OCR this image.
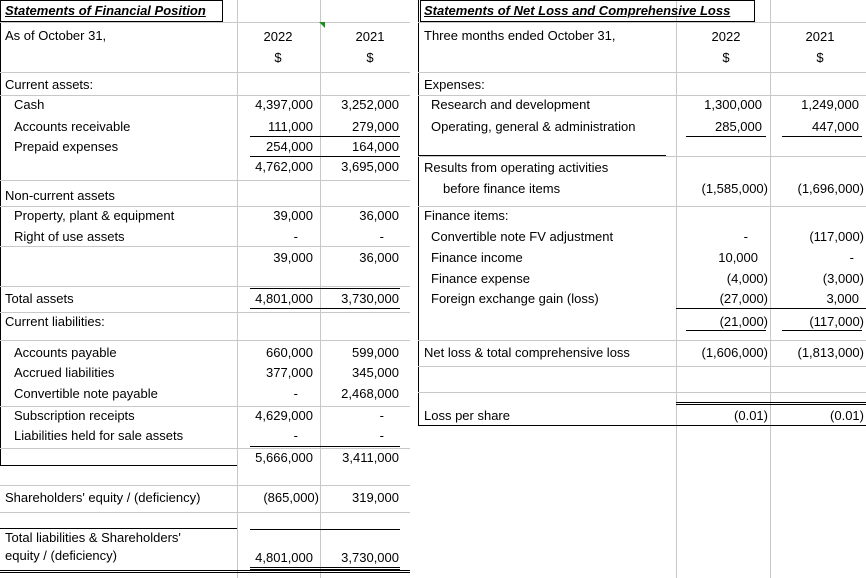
Statements of Financial Position
As of October 31,	2022	2021
$	$
Current assets:
Cash	4,397,000	3,252,000
Accounts receivable	111,000	279,000
Prepaid expenses	254,000	164,000
4,762,000	3,695,000
Non-current assets
Property, plant & equipment	39,000	36,000
Right of use assets	-	-
39,000	36,000
Total assets	4,801,000	3,730,000
Current liabilities:
Accounts payable	660,000	599,000
Accrued liabilities	377,000	345,000
Convertible note payable	-	2,468,000
Subscription receipts	4,629,000	-
Liabilities held for sale assets	-	-
5,666,000	3,411,000
Shareholders' equity / (deficiency)	(865,000)	319,000
Total liabilities & Shareholders'
equity / (deficiency)	4,801,000	3,730,000
Statements of Net Loss and Comprehensive Loss
Three months ended October 31,	2022	2021
$	$
Expenses:
Research and development	1,300,000	1,249,000
Operating, general & administration	285,000	447,000
Results from operating activities
before finance items	(1,585,000)	(1,696,000)
Finance items:
Convertible note FV adjustment	-	(117,000)
Finance income	10,000	-
Finance expense	(4,000)	(3,000)
Foreign exchange gain (loss)	(27,000)	3,000
(21,000)	(117,000)
Net loss & total comprehensive loss	(1,606,000)	(1,813,000)
Loss per share	(0.01)	(0.01)
